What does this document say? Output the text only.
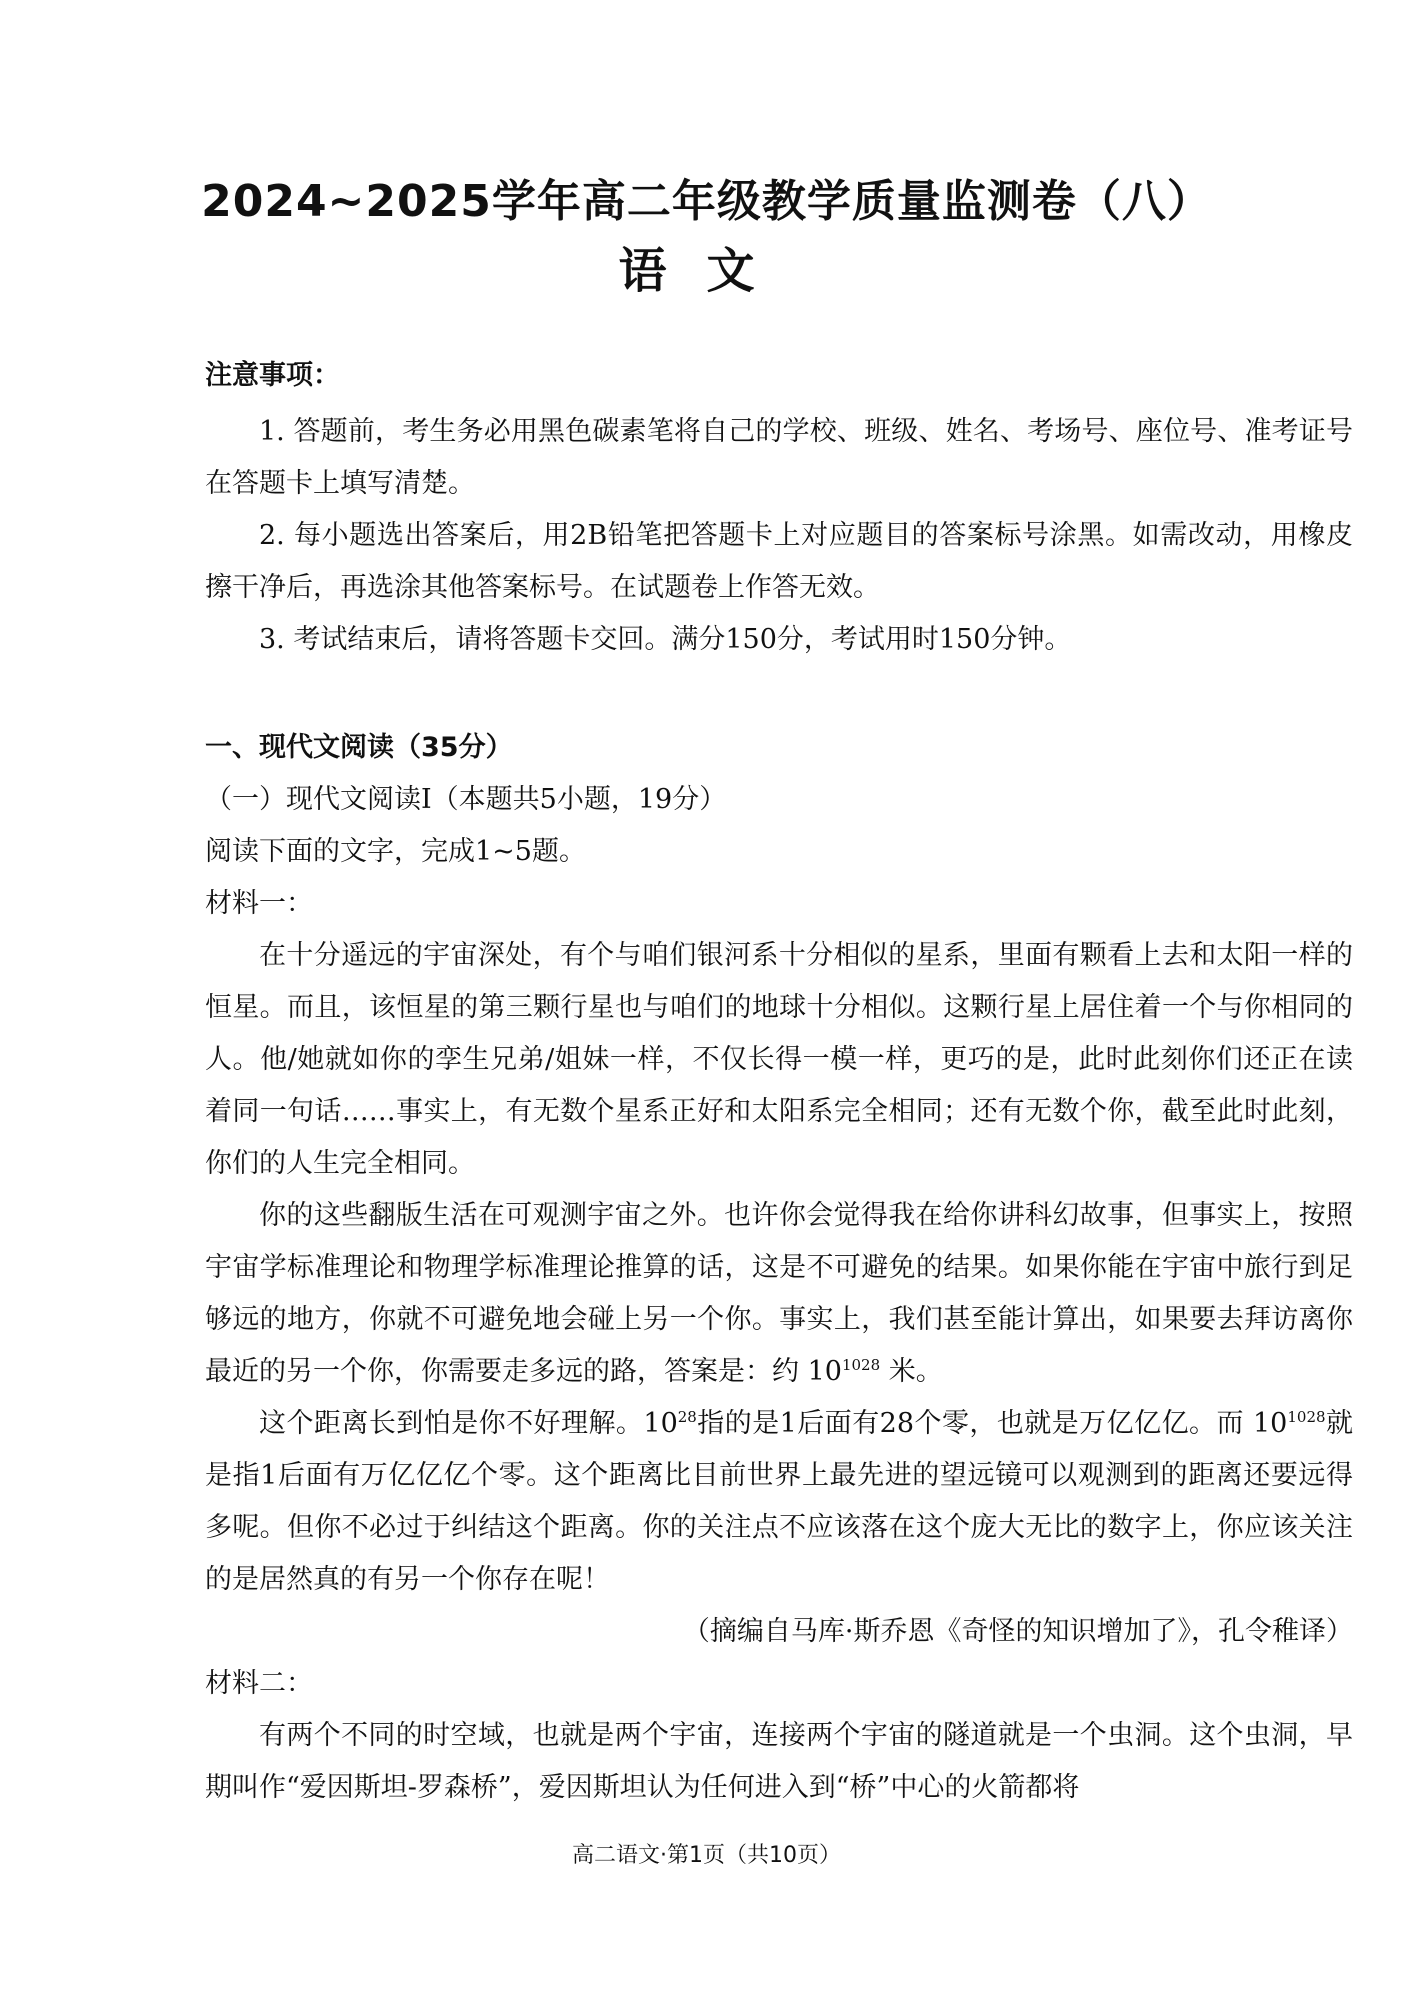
2024~2025学年高二年级教学质量监测卷（八）
语文
注意事项：

1. 答题前，考生务必用黑色碳素笔将自己的学校、班级、姓名、考场号、座位号、准考证号在答题卡上填写清楚。

2. 每小题选出答案后，用2B铅笔把答题卡上对应题目的答案标号涂黑。如需改动，用橡皮擦干净后，再选涂其他答案标号。在试题卷上作答无效。

3. 考试结束后，请将答题卡交回。满分150分，考试用时150分钟。

一、现代文阅读（35分）

（一）现代文阅读Ⅰ（本题共5小题，19分）

阅读下面的文字，完成1~5题。

材料一：

在十分遥远的宇宙深处，有个与咱们银河系十分相似的星系，里面有颗看上去和太阳一样的恒星。而且，该恒星的第三颗行星也与咱们的地球十分相似。这颗行星上居住着一个与你相同的人。他/她就如你的孪生兄弟/姐妹一样，不仅长得一模一样，更巧的是，此时此刻你们还正在读着同一句话……事实上，有无数个星系正好和太阳系完全相同；还有无数个你，截至此时此刻，你们的人生完全相同。

你的这些翻版生活在可观测宇宙之外。也许你会觉得我在给你讲科幻故事，但事实上，按照宇宙学标准理论和物理学标准理论推算的话，这是不可避免的结果。如果你能在宇宙中旅行到足够远的地方，你就不可避免地会碰上另一个你。事实上，我们甚至能计算出，如果要去拜访离你最近的另一个你，你需要走多远的路，答案是：约 $10^{1028}$ 米。

这个距离长到怕是你不好理解。$10^{28}$指的是1后面有28个零，也就是万亿亿亿。而 $10^{1028}$就是指1后面有万亿亿亿个零。这个距离比目前世界上最先进的望远镜可以观测到的距离还要远得多呢。但你不必过于纠结这个距离。你的关注点不应该落在这个庞大无比的数字上，你应该关注的是居然真的有另一个你存在呢！

（摘编自马库·斯乔恩《奇怪的知识增加了》，孔令稚译）

材料二：

有两个不同的时空域，也就是两个宇宙，连接两个宇宙的隧道就是一个虫洞。这个虫洞，早期叫作“爱因斯坦-罗森桥”，爱因斯坦认为任何进入到“桥”中心的火箭都将

高二语文·第1页（共10页）
